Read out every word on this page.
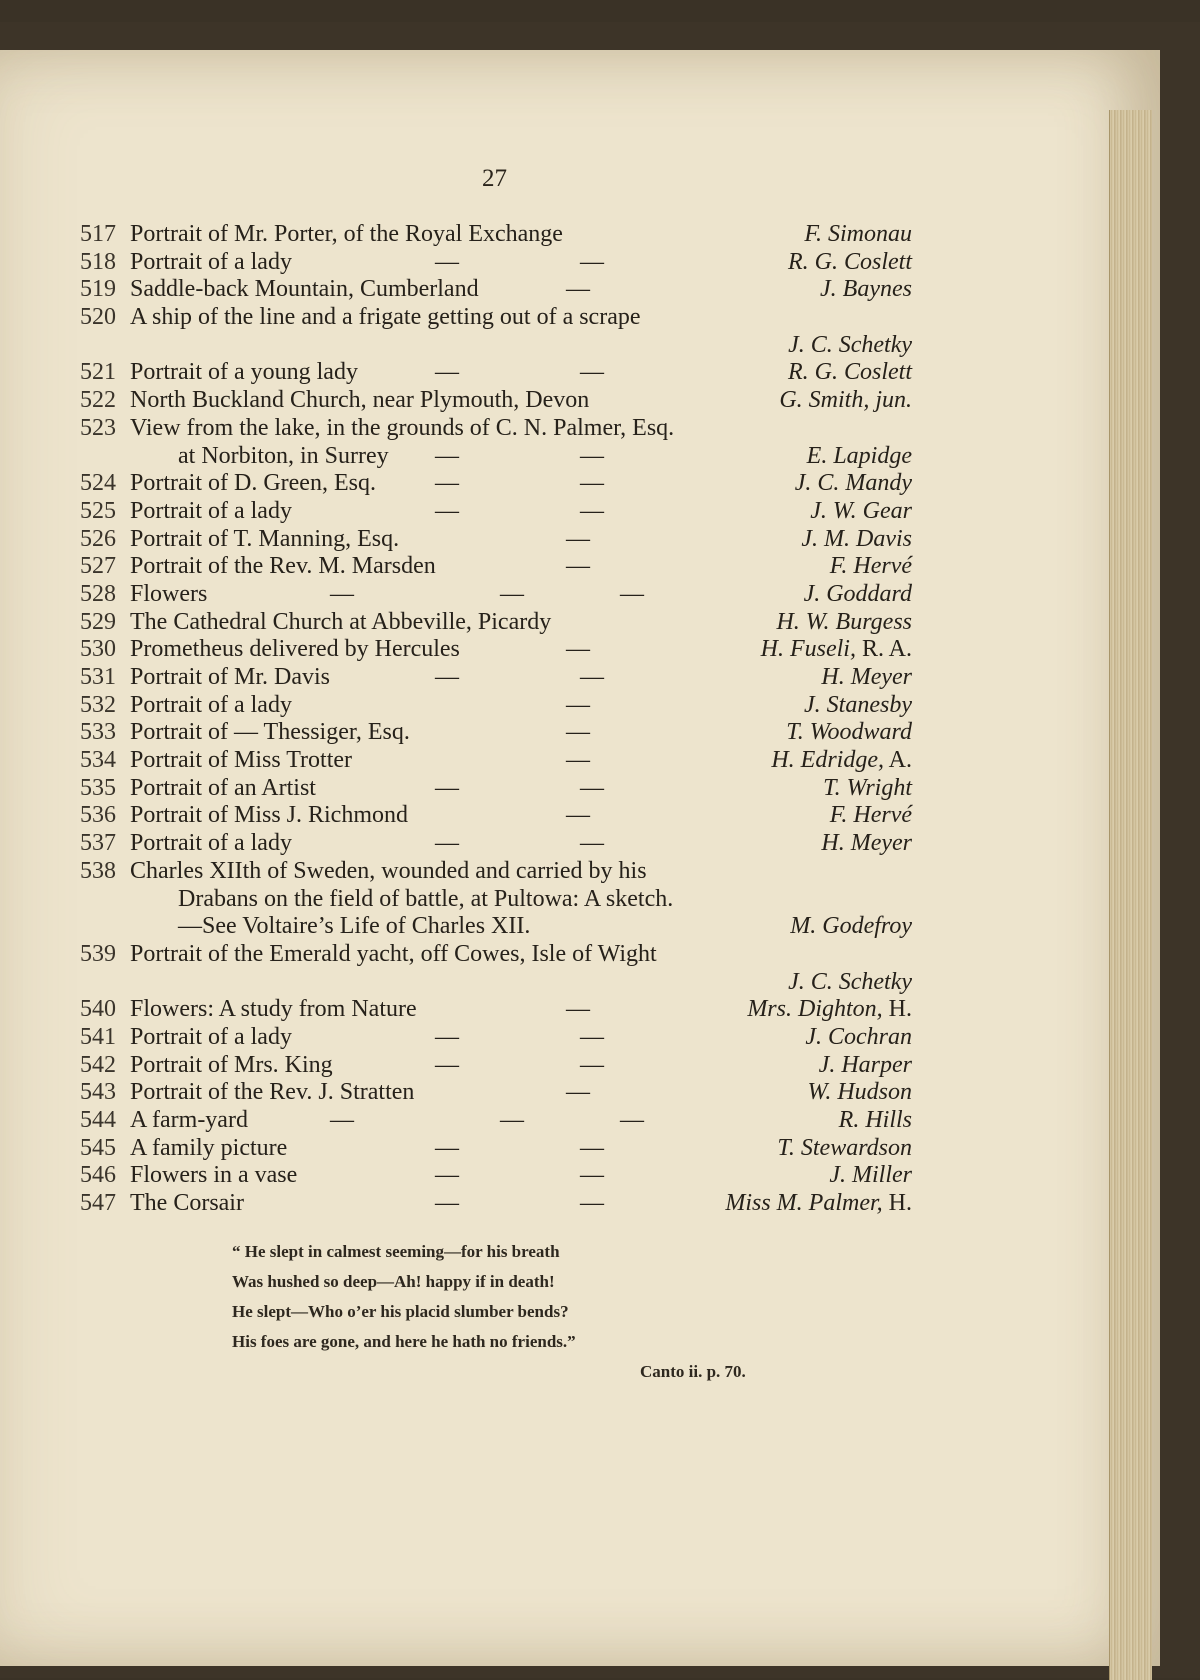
27
517 Portrait of Mr. Porter, of the Royal Exchange	F. Simonau
518 Portrait of a lady	—	—	R. G. Coslett
519 Saddle-back Mountain, Cumberland	—	J. Baynes
520 A ship of the line and a frigate getting out of a scrape
J. C. Schetky
521 Portrait of a young lady	—	—	R. G. Coslett
522 North Buckland Church, near Plymouth, Devon	G. Smith, jun.
523 View from the lake, in the grounds of C. N. Palmer, Esq.
at Norbiton, in Surrey —	—	E. Lapidge
524 Portrait of D. Green, Esq. —	—	J. C. Mandy
525 Portrait of a lady	—	—	J. W. Gear
526 Portrait of T. Manning, Esq.	—	J. M. Davis
527 Portrait of the Rev. M. Marsden	—	F. Hervé
528 Flowers	—	—	—	J. Goddard
529 The Cathedral Church at Abbeville, Picardy	H. W. Burgess
530 Prometheus delivered by Hercules	—	H. Fuseli, R. A.
531 Portrait of Mr. Davis	—	—	H. Meyer
532 Portrait of a lady	—	J. Stanesby
533 Portrait of — Thessiger, Esq.	—	T. Woodward
534 Portrait of Miss Trotter	—	H. Edridge, A.
535 Portrait of an Artist	—	—	T. Wright
536 Portrait of Miss J. Richmond	—	F. Hervé
537 Portrait of a lady	—	—	H. Meyer
538 Charles XIIth of Sweden, wounded and carried by his
Drabans on the field of battle, at Pultowa: A sketch.
—See Voltaire’s Life of Charles XII.	M. Godefroy
539 Portrait of the Emerald yacht, off Cowes, Isle of Wight
J. C. Schetky
540 Flowers: A study from Nature	—	Mrs. Dighton, H.
541 Portrait of a lady	—	—	J. Cochran
542 Portrait of Mrs. King	—	—	J. Harper
543 Portrait of the Rev. J. Stratten	—	W. Hudson
544 A farm-yard	—	—	—	R. Hills
545 A family picture	—	—	T. Stewardson
546 Flowers in a vase	—	—	J. Miller
547 The Corsair	—	—	Miss M. Palmer, H.
“ He slept in calmest seeming—for his breath
Was hushed so deep—Ah! happy if in death!
He slept—Who o’er his placid slumber bends?
His foes are gone, and here he hath no friends.”
Canto ii. p. 70.
